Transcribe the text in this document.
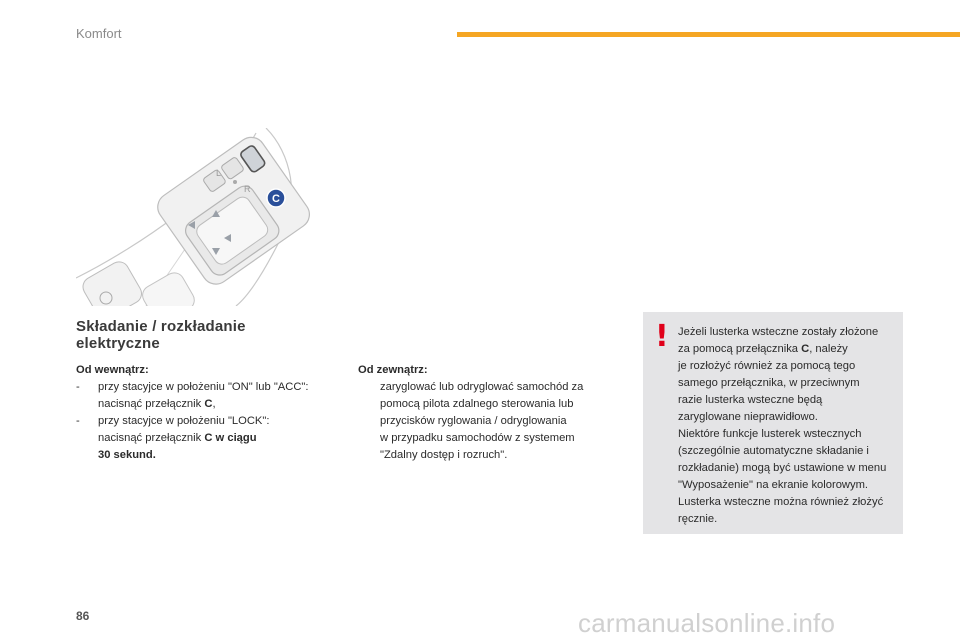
Komfort
L
R
C
Składanie / rozkładanie
elektryczne
Od wewnątrz:
- przy stacyjce w położeniu "ON" lub "ACC":
nacisnąć przełącznik C,
- przy stacyjce w położeniu "LOCK":
nacisnąć przełącznik C w ciągu
30 sekund.
Od zewnątrz:
zaryglować lub odryglować samochód za
pomocą pilota zdalnego sterowania lub
przycisków ryglowania / odryglowania
w przypadku samochodów z systemem
"Zdalny dostęp i rozruch".
! Jeżeli lusterka wsteczne zostały złożone
za pomocą przełącznika C, należy
je rozłożyć również za pomocą tego
samego przełącznika, w przeciwnym
razie lusterka wsteczne będą
zaryglowane nieprawidłowo.
Niektóre funkcje lusterek wstecznych
(szczególnie automatyczne składanie i
rozkładanie) mogą być ustawione w menu
"Wyposażenie" na ekranie kolorowym.
Lusterka wsteczne można również złożyć
ręcznie.
86	carmanualsonline.info
